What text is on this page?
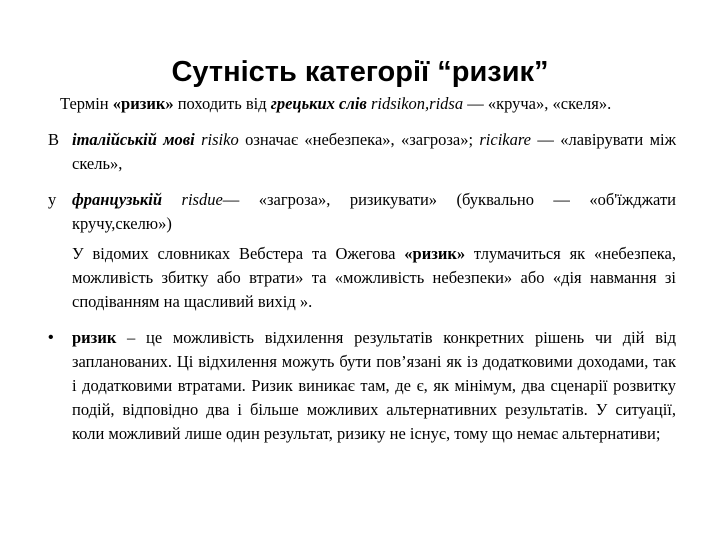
Сутність категорії “ризик”

Термін «ризик» походить від грецьких слів ridsikon,ridsa — «круча», «скеля».

В італійській мові risiko означає «небезпека», «загроза»; ricikare — «лавірувати між скель»,

у французькій risdue— «загроза», ризикувати» (буквально — «об'їжджати кручу,скелю»)

У відомих словниках Вебстера та Ожегова «ризик» тлумачиться як «небезпека, можливість збитку або втрати» та «можливість небезпеки» або «дія навмання зі сподіванням на щасливий вихід ».

• ризик – це можливість відхилення результатів конкретних рішень чи дій від запланованих. Ці відхилення можуть бути пов’язані як із додатковими доходами, так і додатковими втратами. Ризик виникає там, де є, як мінімум, два сценарії розвитку подій, відповідно два і більше можливих альтернативних результатів. У ситуації, коли можливий лише один результат, ризику не існує, тому що немає альтернативи;
